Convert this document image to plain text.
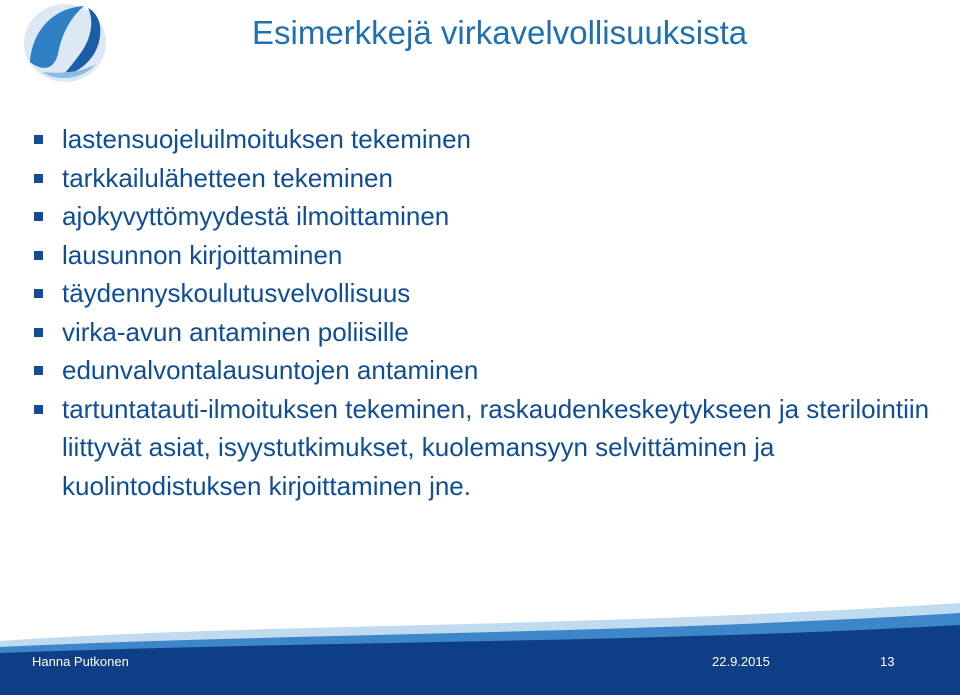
Esimerkkejä virkavelvollisuuksista
lastensuojeluilmoituksen tekeminen
tarkkailulähetteen tekeminen
ajokyvyttömyydestä ilmoittaminen
lausunnon kirjoittaminen
täydennyskoulutusvelvollisuus
virka-avun antaminen poliisille
edunvalvontalausuntojen antaminen
tartuntatauti-ilmoituksen tekeminen, raskaudenkeskeytykseen ja sterilointiin liittyvät asiat, isyystutkimukset, kuolemansyyn selvittäminen ja kuolintodistuksen kirjoittaminen jne.
Hanna Putkonen	22.9.2015	13
